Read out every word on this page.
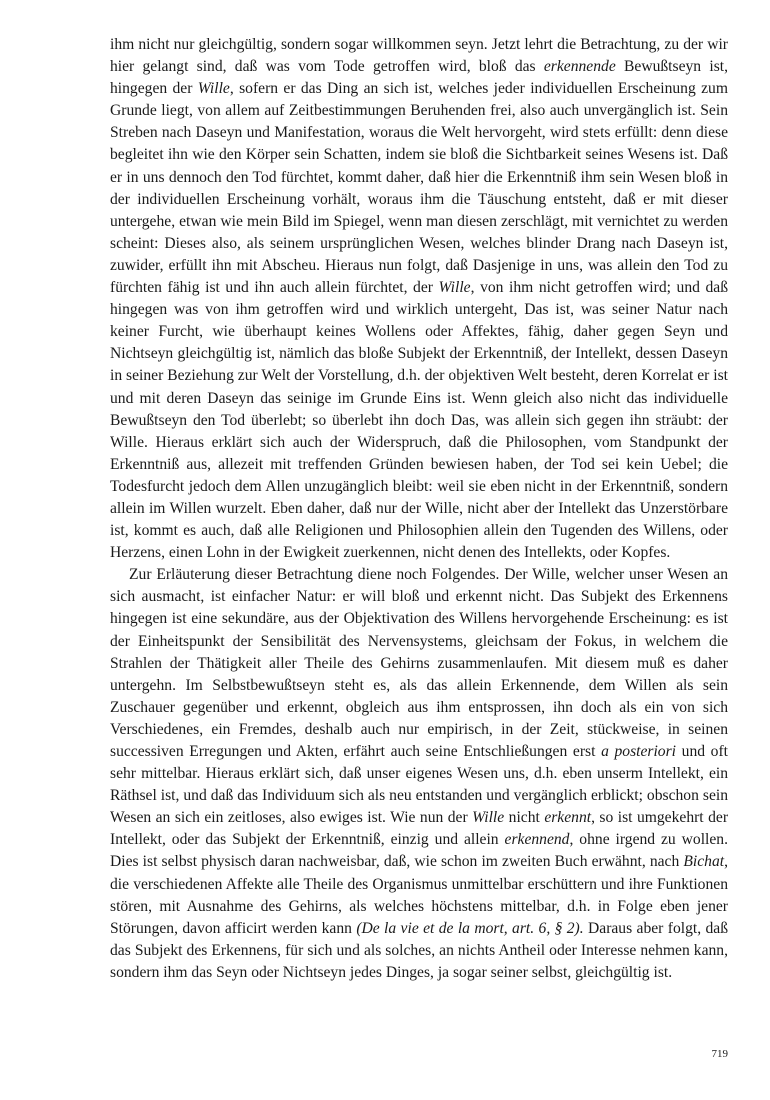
ihm nicht nur gleichgültig, sondern sogar willkommen seyn. Jetzt lehrt die Betrachtung, zu der wir hier gelangt sind, daß was vom Tode getroffen wird, bloß das erkennende Bewußtseyn ist, hingegen der Wille, sofern er das Ding an sich ist, welches jeder individuellen Erscheinung zum Grunde liegt, von allem auf Zeitbestimmungen Beruhenden frei, also auch unvergänglich ist. Sein Streben nach Daseyn und Manifestation, woraus die Welt hervorgeht, wird stets erfüllt: denn diese begleitet ihn wie den Körper sein Schatten, indem sie bloß die Sichtbarkeit seines Wesens ist. Daß er in uns dennoch den Tod fürchtet, kommt daher, daß hier die Erkenntniß ihm sein Wesen bloß in der individuellen Erscheinung vorhält, woraus ihm die Täuschung entsteht, daß er mit dieser untergehe, etwan wie mein Bild im Spiegel, wenn man diesen zerschlägt, mit vernichtet zu werden scheint: Dieses also, als seinem ursprünglichen Wesen, welches blinder Drang nach Daseyn ist, zuwider, erfüllt ihn mit Abscheu. Hieraus nun folgt, daß Dasjenige in uns, was allein den Tod zu fürchten fähig ist und ihn auch allein fürchtet, der Wille, von ihm nicht getroffen wird; und daß hingegen was von ihm getroffen wird und wirklich untergeht, Das ist, was seiner Natur nach keiner Furcht, wie überhaupt keines Wollens oder Affektes, fähig, daher gegen Seyn und Nichtseyn gleichgültig ist, nämlich das bloße Subjekt der Erkenntniß, der Intellekt, dessen Daseyn in seiner Beziehung zur Welt der Vorstellung, d.h. der objektiven Welt besteht, deren Korrelat er ist und mit deren Daseyn das seinige im Grunde Eins ist. Wenn gleich also nicht das individuelle Bewußtseyn den Tod überlebt; so überlebt ihn doch Das, was allein sich gegen ihn sträubt: der Wille. Hieraus erklärt sich auch der Widerspruch, daß die Philosophen, vom Standpunkt der Erkenntniß aus, allezeit mit treffenden Gründen bewiesen haben, der Tod sei kein Uebel; die Todesfurcht jedoch dem Allen unzugänglich bleibt: weil sie eben nicht in der Erkenntniß, sondern allein im Willen wurzelt. Eben daher, daß nur der Wille, nicht aber der Intellekt das Unzerstörbare ist, kommt es auch, daß alle Religionen und Philosophien allein den Tugenden des Willens, oder Herzens, einen Lohn in der Ewigkeit zuerkennen, nicht denen des Intellekts, oder Kopfes.

Zur Erläuterung dieser Betrachtung diene noch Folgendes. Der Wille, welcher unser Wesen an sich ausmacht, ist einfacher Natur: er will bloß und erkennt nicht. Das Subjekt des Erkennens hingegen ist eine sekundäre, aus der Objektivation des Willens hervorgehende Erscheinung: es ist der Einheitspunkt der Sensibilität des Nervensystems, gleichsam der Fokus, in welchem die Strahlen der Thätigkeit aller Theile des Gehirns zusammenlaufen. Mit diesem muß es daher untergehn. Im Selbstbewußtseyn steht es, als das allein Erkennende, dem Willen als sein Zuschauer gegenüber und erkennt, obgleich aus ihm entsprossen, ihn doch als ein von sich Verschiedenes, ein Fremdes, deshalb auch nur empirisch, in der Zeit, stückweise, in seinen successiven Erregungen und Akten, erfährt auch seine Entschließungen erst a posteriori und oft sehr mittelbar. Hieraus erklärt sich, daß unser eigenes Wesen uns, d.h. eben unserm Intellekt, ein Räthsel ist, und daß das Individuum sich als neu entstanden und vergänglich erblickt; obschon sein Wesen an sich ein zeitloses, also ewiges ist. Wie nun der Wille nicht erkennt, so ist umgekehrt der Intellekt, oder das Subjekt der Erkenntniß, einzig und allein erkennend, ohne irgend zu wollen. Dies ist selbst physisch daran nachweisbar, daß, wie schon im zweiten Buch erwähnt, nach Bichat, die verschiedenen Affekte alle Theile des Organismus unmittelbar erschüttern und ihre Funktionen stören, mit Ausnahme des Gehirns, als welches höchstens mittelbar, d.h. in Folge eben jener Störungen, davon afficirt werden kann (De la vie et de la mort, art. 6, § 2). Daraus aber folgt, daß das Subjekt des Erkennens, für sich und als solches, an nichts Antheil oder Interesse nehmen kann, sondern ihm das Seyn oder Nichtseyn jedes Dinges, ja sogar seiner selbst, gleichgültig ist.

719
